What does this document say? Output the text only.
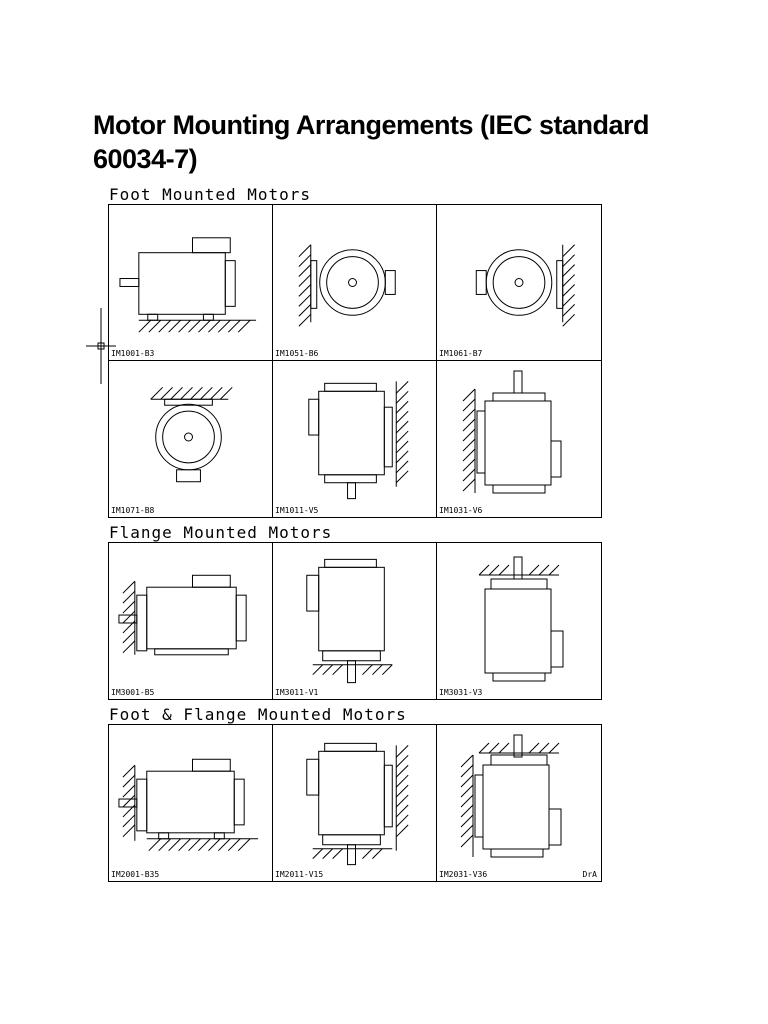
Motor Mounting Arrangements (IEC standard 60034-7)
Foot Mounted Motors
IM1001-B3	IM1051-B6	IM1061-B7
IM1071-B8	IM1011-V5	IM1031-V6
Flange Mounted Motors
IM3001-B5	IM3011-V1	IM3031-V3
Foot & Flange Mounted Motors
IM2001-B35	IM2011-V15	IM2031-V36	DrA
